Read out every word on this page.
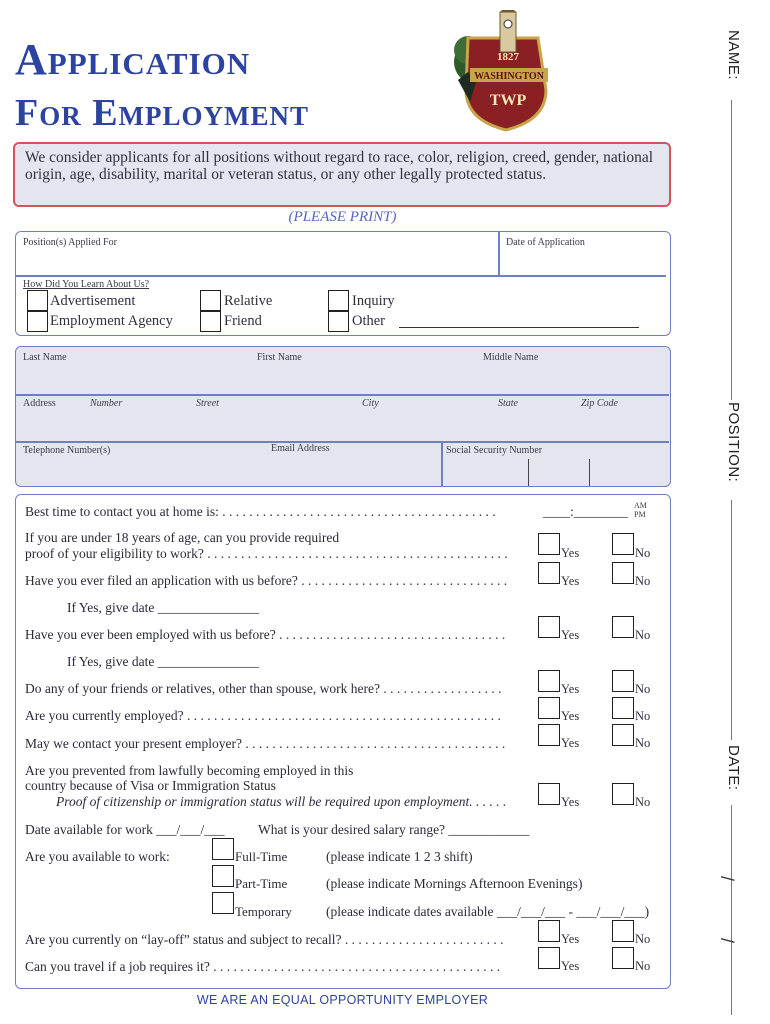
Application
For Employment
1827
WASHINGTON
TWP
We consider applicants for all positions without regard to race, color, religion, creed, gender, national origin, age, disability, marital or veteran status, or any other legally protected status.
(PLEASE PRINT)
Position(s) Applied For	Date of Application
How Did You Learn About Us?
Advertisement
Employment Agency
Relative
Friend
Inquiry
Other
Last Name	First Name	Middle Name
Address	Number	Street	City	State	Zip Code
Telephone Number(s)	Email Address	Social Security Number
Best time to contact you at home is: . . . . . . . . . . . . . . . . . . . . . . . . . . . . . . . . . . . . . . . . .	____:________ AM
PM
If you are under 18 years of age, can you provide required
proof of your eligibility to work? . . . . . . . . . . . . . . . . . . . . . . . . . . . . . . . . . . . . . . . . . . . . .	Yes	No
Have you ever filed an application with us before? . . . . . . . . . . . . . . . . . . . . . . . . . . . . . . .	Yes	No
If Yes, give date _______________
Have you ever been employed with us before? . . . . . . . . . . . . . . . . . . . . . . . . . . . . . . . . . .	Yes	No
If Yes, give date _______________
Do any of your friends or relatives, other than spouse, work here? . . . . . . . . . . . . . . . . . .	Yes	No
Are you currently employed? . . . . . . . . . . . . . . . . . . . . . . . . . . . . . . . . . . . . . . . . . . . . . . .	Yes	No
May we contact your present employer? . . . . . . . . . . . . . . . . . . . . . . . . . . . . . . . . . . . . . . .	Yes	No
Are you prevented from lawfully becoming employed in this
country because of Visa or Immigration Status
Proof of citizenship or immigration status will be required upon employment. . . . . .	Yes	No
Date available for work ___/___/___ What is your desired salary range? ____________
Are you available to work:	Full-Time	(please indicate 1 2 3 shift)
Part-Time	(please indicate Mornings Afternoon Evenings)
Temporary	(please indicate dates available ___/___/___ - ___/___/___)
Are you currently on “lay-off” status and subject to recall? . . . . . . . . . . . . . . . . . . . . . . . .	Yes	No
Can you travel if a job requires it? . . . . . . . . . . . . . . . . . . . . . . . . . . . . . . . . . . . . . . . . . . .	Yes	No
WE ARE AN EQUAL OPPORTUNITY EMPLOYER
NAME:
POSITION:
DATE:
/
/
